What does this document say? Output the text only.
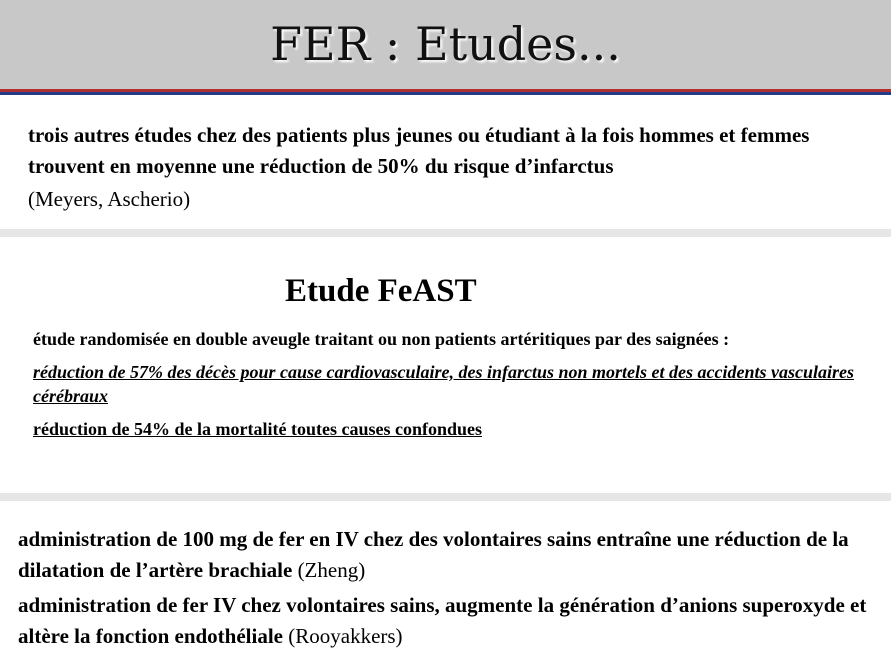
FER : Etudes...

trois autres études chez des patients plus jeunes ou étudiant à la fois hommes et femmes trouvent en moyenne une réduction de 50% du risque d’infarctus

(Meyers, Ascherio)

Etude FeAST

étude randomisée en double aveugle traitant ou non patients artéritiques par des saignées :

réduction de 57% des décès pour cause cardiovasculaire, des infarctus non mortels et des accidents vasculaires cérébraux

réduction de 54% de la mortalité toutes causes confondues

administration de 100 mg de fer en IV chez des volontaires sains entraîne une réduction de la dilatation de l’artère brachiale (Zheng)

administration de fer IV chez volontaires sains, augmente la génération d’anions superoxyde et altère la fonction endothéliale (Rooyakkers)
